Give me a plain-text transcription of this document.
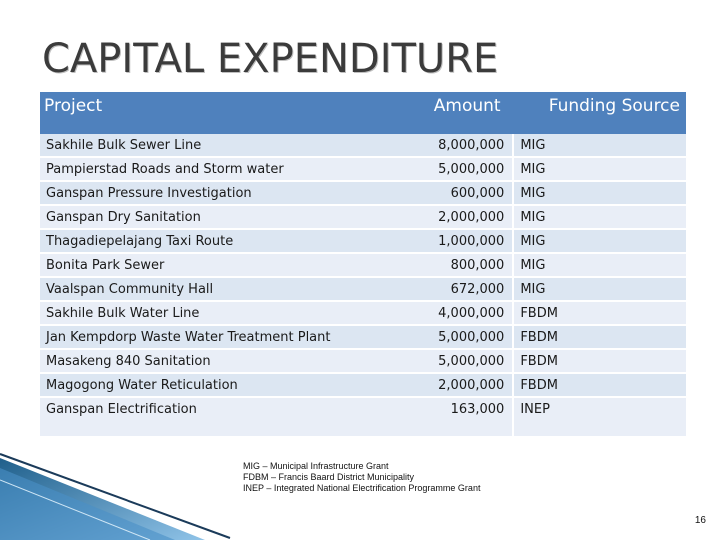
CAPITAL EXPENDITURE
Project	Amount	Funding Source
Sakhile Bulk Sewer Line	8,000,000	MIG
Pampierstad Roads and Storm water	5,000,000	MIG
Ganspan Pressure Investigation	600,000	MIG
Ganspan Dry Sanitation	2,000,000	MIG
Thagadiepelajang Taxi Route	1,000,000	MIG
Bonita Park Sewer	800,000	MIG
Vaalspan Community Hall	672,000	MIG
Sakhile Bulk Water Line	4,000,000	FBDM
Jan Kempdorp Waste Water Treatment Plant	5,000,000	FBDM
Masakeng 840 Sanitation	5,000,000	FBDM
Magogong Water Reticulation	2,000,000	FBDM
Ganspan Electrification	163,000	INEP
MIG – Municipal Infrastructure Grant
FDBM – Francis Baard District Municipality
INEP – Integrated National Electrification Programme Grant
16
